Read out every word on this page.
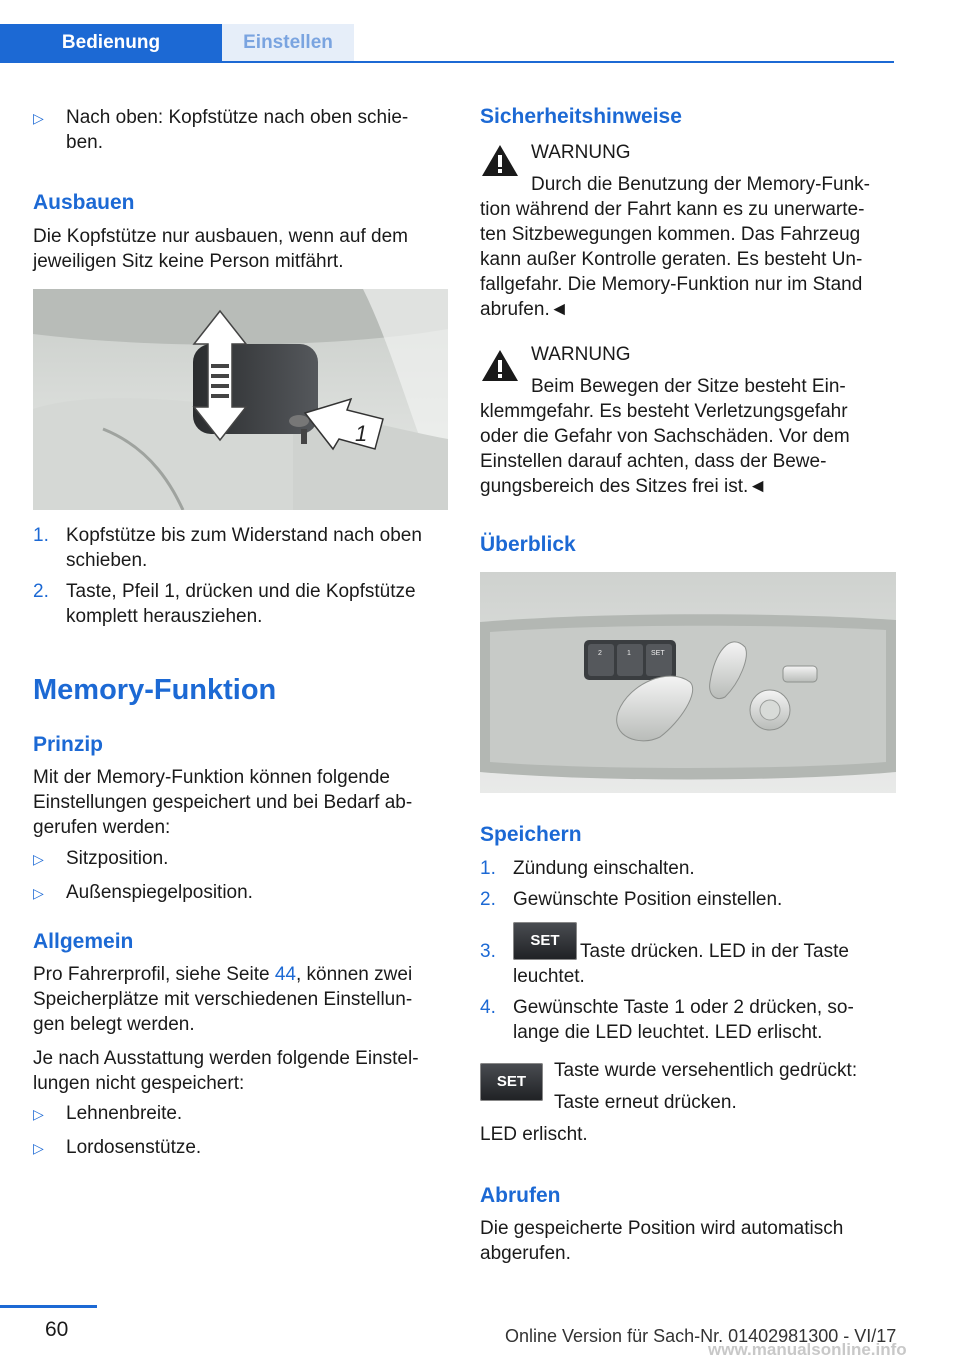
Bedienung	Einstellen
▷ Nach oben: Kopfstütze nach oben schie-

ben.

Ausbauen

Die Kopfstütze nur ausbauen, wenn auf dem

jeweiligen Sitz keine Person mitfährt.

1
1. Kopfstütze bis zum Widerstand nach oben

schieben.

2. Taste, Pfeil 1, drücken und die Kopfstütze

komplett herausziehen.

Memory-Funktion
Prinzip

Mit der Memory-Funktion können folgende

Einstellungen gespeichert und bei Bedarf ab-

gerufen werden:

▷ Sitzposition.

▷ Außenspiegelposition.

Allgemein

Pro Fahrerprofil, siehe Seite 44, können zwei

Speicherplätze mit verschiedenen Einstellun-

gen belegt werden.

Je nach Ausstattung werden folgende Einstel-

lungen nicht gespeichert:

▷ Lehnenbreite.

▷ Lordosenstütze.

Sicherheitshinweise

WARNUNG

Durch die Benutzung der Memory-Funk-

tion während der Fahrt kann es zu unerwarte-

ten Sitzbewegungen kommen. Das Fahrzeug

kann außer Kontrolle geraten. Es besteht Un-

fallgefahr. Die Memory-Funktion nur im Stand

abrufen.◄

WARNUNG

Beim Bewegen der Sitze besteht Ein-

klemmgefahr. Es besteht Verletzungsgefahr

oder die Gefahr von Sachschäden. Vor dem

Einstellen darauf achten, dass der Bewe-

gungsbereich des Sitzes frei ist.◄

Überblick
2	1	SET
Speichern
1. Zündung einschalten.

2. Gewünschte Position einstellen.

3.
SET

Taste drücken. LED in der Taste

leuchtet.

4. Gewünschte Taste 1 oder 2 drücken, so-

lange die LED leuchtet. LED erlischt.

SET

Taste wurde versehentlich gedrückt:

Taste erneut drücken.

LED erlischt.

Abrufen

Die gespeicherte Position wird automatisch

abgerufen.

60	Online Version für Sach-Nr. 01402981300 - VI/17
www.manualsonline.info
